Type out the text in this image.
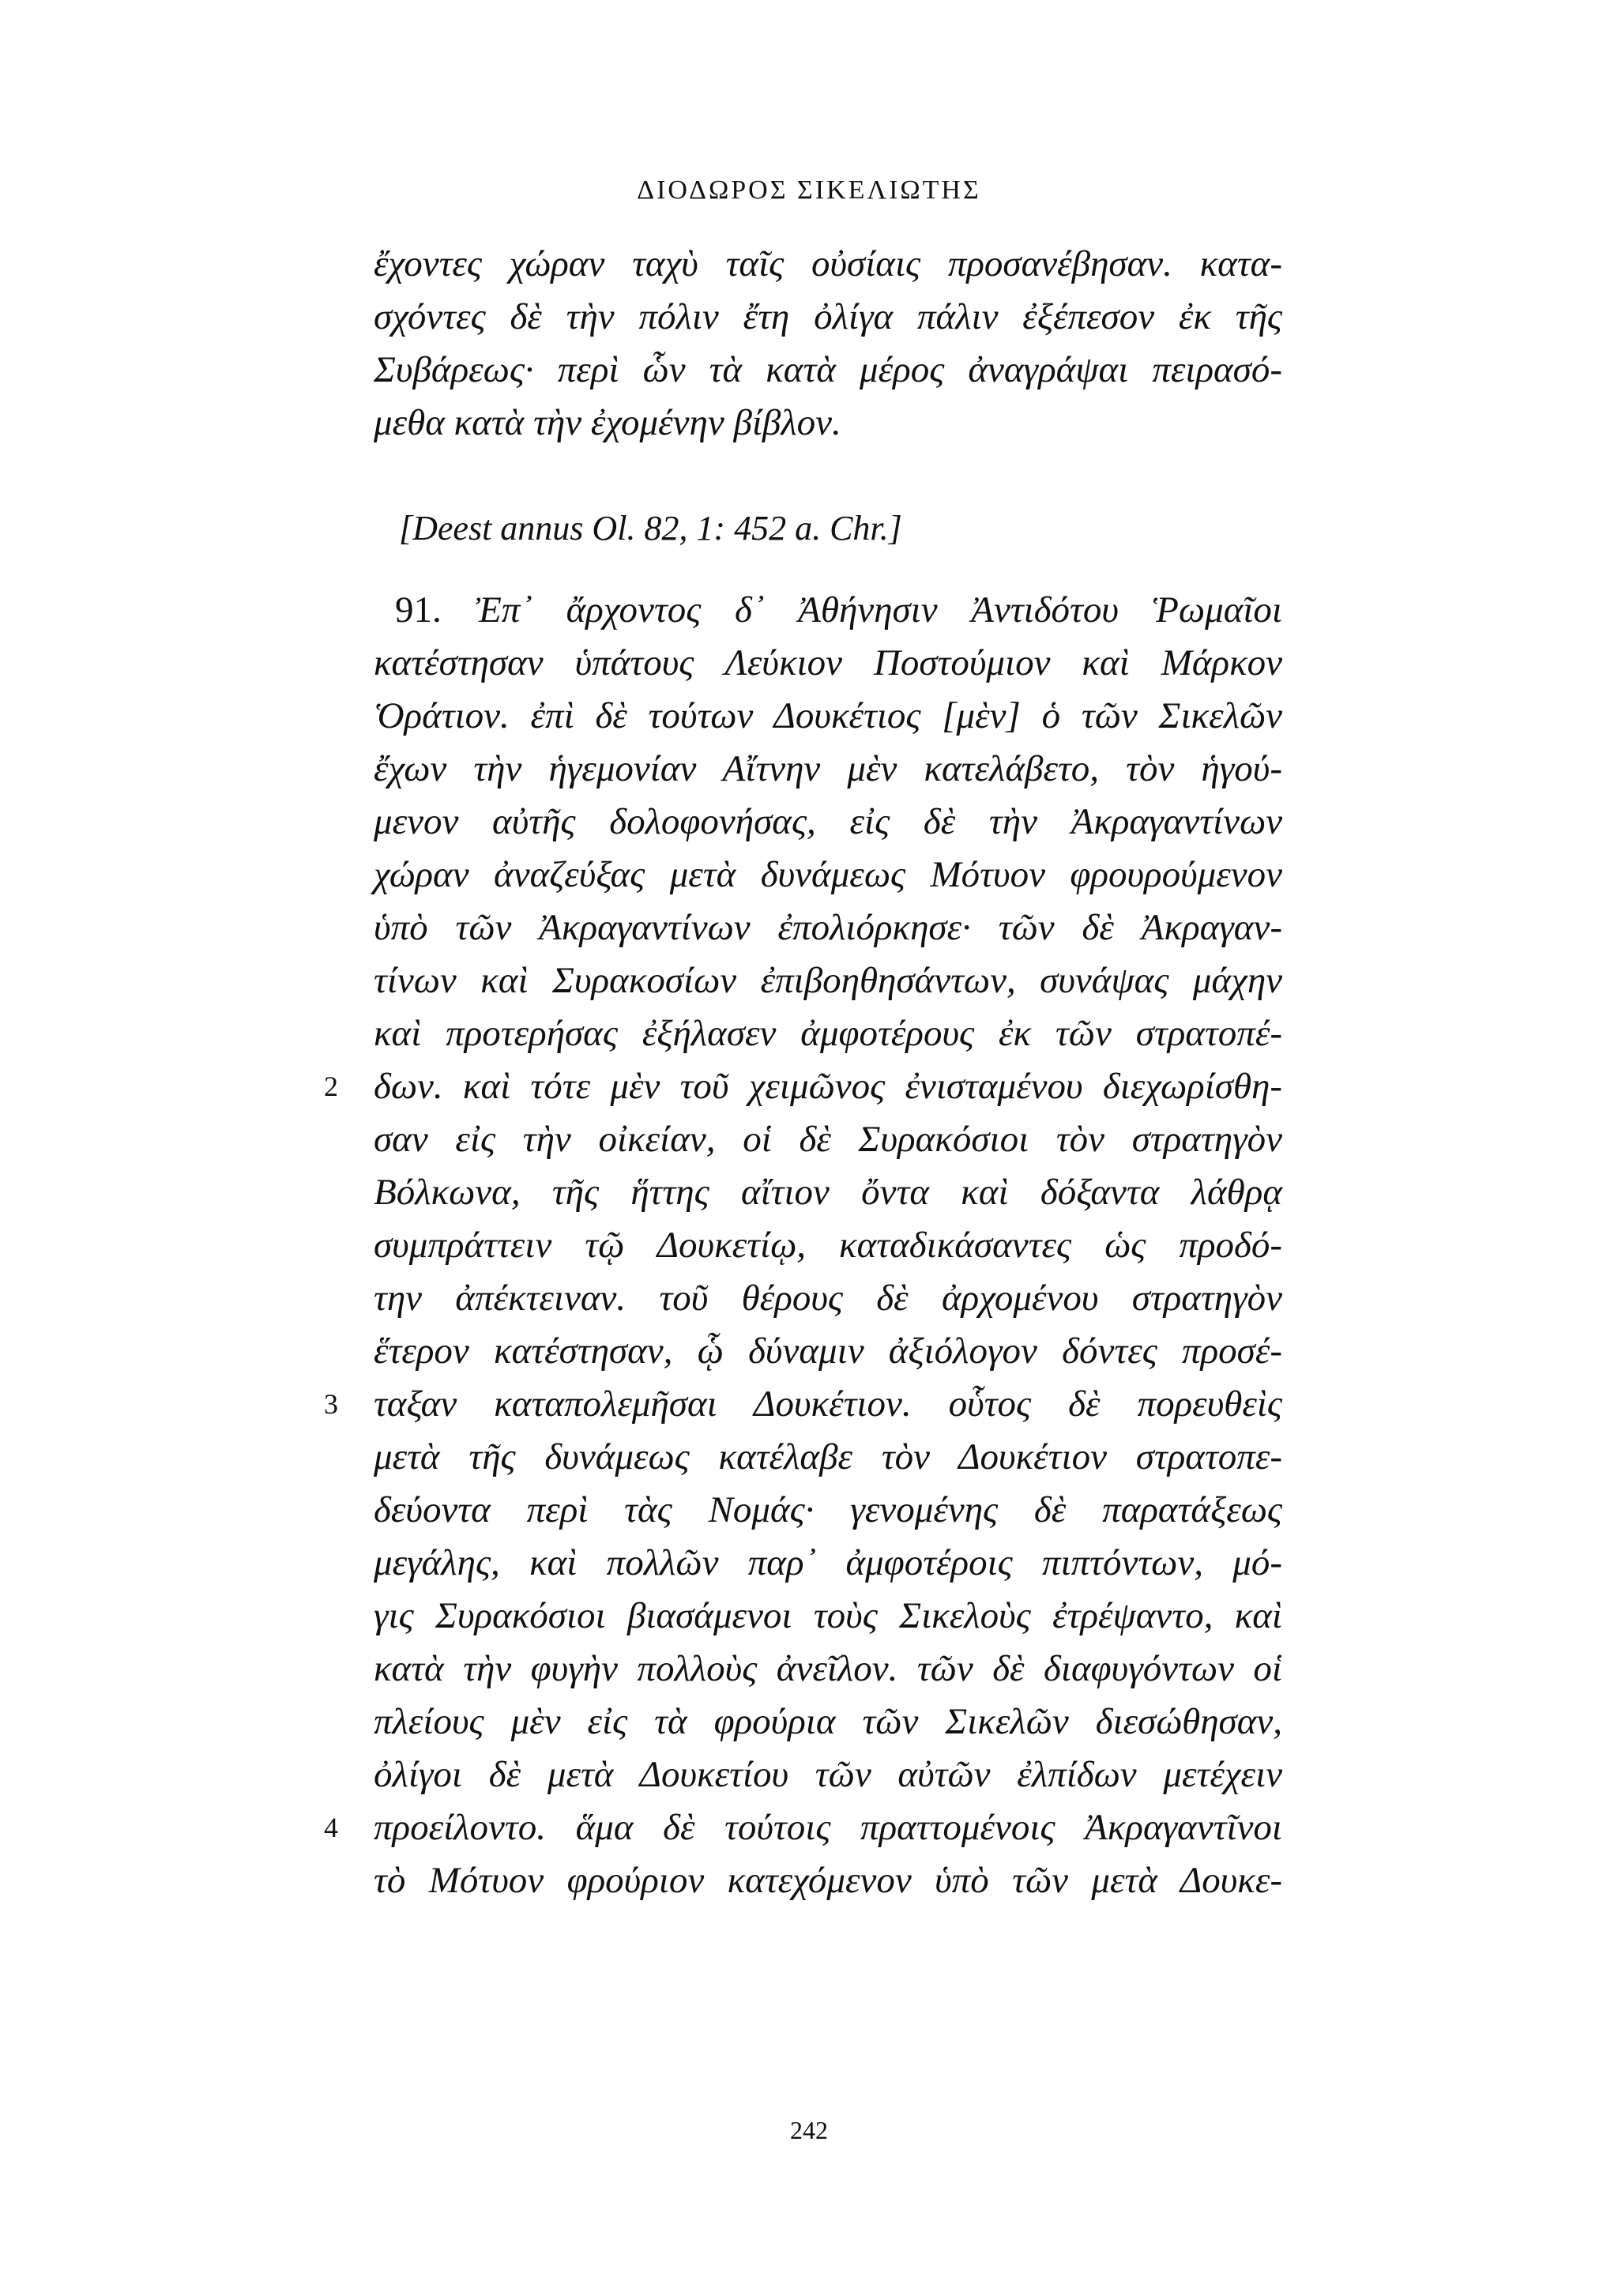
ΔΙΟΔΩΡΟΣ ΣΙΚΕΛΙΩΤΗΣ
ἔχοντες χώραν ταχὺ ταῖς οὐσίαις προσανέβησαν. κατα-
σχόντες δὲ τὴν πόλιν ἔτη ὀλίγα πάλιν ἐξέπεσον ἐκ τῆς
Συβάρεως· περὶ ὧν τὰ κατὰ μέρος ἀναγράψαι πειρασό-
μεθα κατὰ τὴν ἐχομένην βίβλον.
[Deest annus Ol. 82, 1: 452 a. Chr.]
91. Ἐπ᾽ ἄρχοντος δ᾽ Ἀθήνησιν Ἀντιδότου Ῥωμαῖοι
κατέστησαν ὑπάτους Λεύκιον Ποστούμιον καὶ Μάρκον
Ὁράτιον. ἐπὶ δὲ τούτων Δουκέτιος [μὲν] ὁ τῶν Σικελῶν
ἔχων τὴν ἡγεμονίαν Αἴτνην μὲν κατελάβετο, τὸν ἡγού-
μενον αὐτῆς δολοφονήσας, εἰς δὲ τὴν Ἀκραγαντίνων
χώραν ἀναζεύξας μετὰ δυνάμεως Μότυον φρουρούμενον
ὑπὸ τῶν Ἀκραγαντίνων ἐπολιόρκησε· τῶν δὲ Ἀκραγαν-
τίνων καὶ Συρακοσίων ἐπιβοηθησάντων, συνάψας μάχην
καὶ προτερήσας ἐξήλασεν ἀμφοτέρους ἐκ τῶν στρατοπέ-
2 δων. καὶ τότε μὲν τοῦ χειμῶνος ἐνισταμένου διεχωρίσθη-
σαν εἰς τὴν οἰκείαν, οἱ δὲ Συρακόσιοι τὸν στρατηγὸν
Βόλκωνα, τῆς ἥττης αἴτιον ὄντα καὶ δόξαντα λάθρᾳ
συμπράττειν τῷ Δουκετίῳ, καταδικάσαντες ὡς προδό-
την ἀπέκτειναν. τοῦ θέρους δὲ ἀρχομένου στρατηγὸν
ἕτερον κατέστησαν, ᾧ δύναμιν ἀξιόλογον δόντες προσέ-
3 ταξαν καταπολεμῆσαι Δουκέτιον. οὗτος δὲ πορευθεὶς
μετὰ τῆς δυνάμεως κατέλαβε τὸν Δουκέτιον στρατοπε-
δεύοντα περὶ τὰς Νομάς· γενομένης δὲ παρατάξεως
μεγάλης, καὶ πολλῶν παρ᾽ ἀμφοτέροις πιπτόντων, μό-
γις Συρακόσιοι βιασάμενοι τοὺς Σικελοὺς ἐτρέψαντο, καὶ
κατὰ τὴν φυγὴν πολλοὺς ἀνεῖλον. τῶν δὲ διαφυγόντων οἱ
πλείους μὲν εἰς τὰ φρούρια τῶν Σικελῶν διεσώθησαν,
ὀλίγοι δὲ μετὰ Δουκετίου τῶν αὐτῶν ἐλπίδων μετέχειν
4 προείλοντο. ἅμα δὲ τούτοις πραττομένοις Ἀκραγαντῖνοι
τὸ Μότυον φρούριον κατεχόμενον ὑπὸ τῶν μετὰ Δουκε-
242
